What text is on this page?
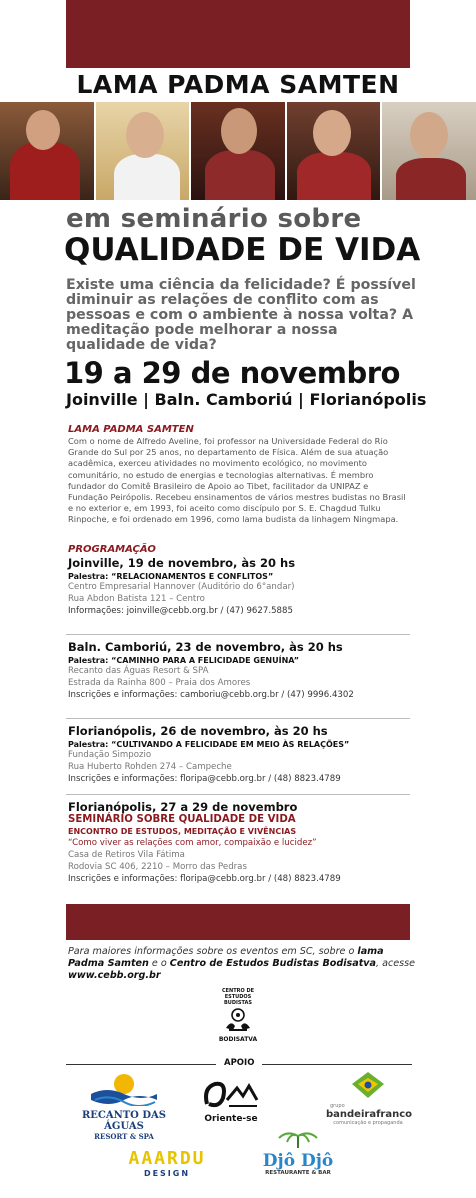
LAMA PADMA SAMTEN
em seminário sobre
QUALIDADE DE VIDA
Existe uma ciência da felicidade? É possível diminuir as relações de conflito com as pessoas e com o ambiente à nossa volta? A meditação pode melhorar a nossa qualidade de vida?
19 a 29 de novembro
Joinville | Baln. Camboriú | Florianópolis
LAMA PADMA SAMTEN
Com o nome de Alfredo Aveline, foi professor na Universidade Federal do Rio Grande do Sul por 25 anos, no departamento de Física. Além de sua atuação acadêmica, exerceu atividades no movimento ecológico, no movimento comunitário, no estudo de energias e tecnologias alternativas. É membro fundador do Comitê Brasileiro de Apoio ao Tibet, facilitador da UNIPAZ e Fundação Peirópolis. Recebeu ensinamentos de vários mestres budistas no Brasil e no exterior e, em 1993, foi aceito como discípulo por S. E. Chagdud Tulku Rinpoche, e foi ordenado em 1996, como lama budista da linhagem Ningmapa.
PROGRAMAÇÃO
Joinville, 19 de novembro, às 20 hs
Palestra: “RELACIONAMENTOS E CONFLITOS”
Centro Empresarial Hannover (Auditório do 6°andar)
Rua Abdon Batista 121 – Centro
Informações: joinville@cebb.org.br / (47) 9627.5885
Baln. Camboriú, 23 de novembro, às 20 hs
Palestra: “CAMINHO PARA A FELICIDADE GENUÍNA”
Recanto das Águas Resort & SPA
Estrada da Rainha 800 – Praia dos Amores
Inscrições e informações: camboriu@cebb.org.br / (47) 9996.4302
Florianópolis, 26 de novembro, às 20 hs
Palestra: “CULTIVANDO A FELICIDADE EM MEIO ÀS RELAÇÕES”
Fundação Simpozio
Rua Huberto Rohden 274 – Campeche
Inscrições e informações: floripa@cebb.org.br / (48) 8823.4789
Florianópolis, 27 a 29 de novembro
SEMINÁRIO SOBRE QUALIDADE DE VIDA
ENCONTRO DE ESTUDOS, MEDITAÇÃO E VIVÊNCIAS
“Como viver as relações com amor, compaixão e lucidez”
Casa de Retiros Vila Fátima
Rodovia SC 406, 2210 – Morro das Pedras
Inscrições e informações: floripa@cebb.org.br / (48) 8823.4789
Para maiores informações sobre os eventos em SC, sobre o lama Padma Samten e o Centro de Estudos Budistas Bodisatva, acesse
www.cebb.org.br
CENTRO DE ESTUDOS BUDISTAS
BODISATVA
APOIO
RECANTO DAS ÁGUAS
RESORT & SPA
Oriente-se
grupo
bandeirafranco
comunicação e propaganda
AAARDU
DESIGN
Djô Djô
RESTAURANTE & BAR
